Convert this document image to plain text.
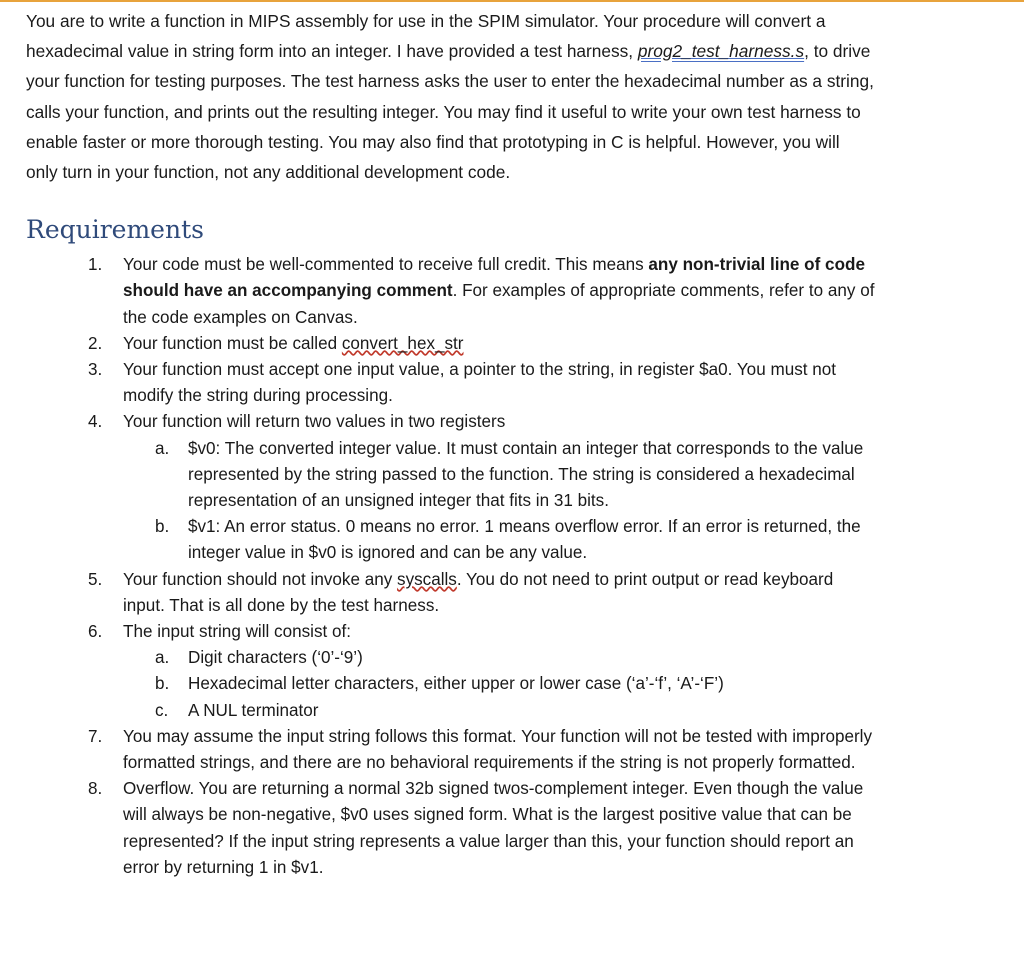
You are to write a function in MIPS assembly for use in the SPIM simulator. Your procedure will convert a hexadecimal value in string form into an integer. I have provided a test harness, prog2_test_harness.s, to drive your function for testing purposes. The test harness asks the user to enter the hexadecimal number as a string, calls your function, and prints out the resulting integer. You may find it useful to write your own test harness to enable faster or more thorough testing. You may also find that prototyping in C is helpful. However, you will only turn in your function, not any additional development code.

Requirements
1.	Your code must be well-commented to receive full credit. This means any non-trivial line of code should have an accompanying comment. For examples of appropriate comments, refer to any of the code examples on Canvas.
2.	Your function must be called convert_hex_str
3.	Your function must accept one input value, a pointer to the string, in register $a0. You must not modify the string during processing.
4.	Your function will return two values in two registers
a.	$v0: The converted integer value. It must contain an integer that corresponds to the value represented by the string passed to the function. The string is considered a hexadecimal representation of an unsigned integer that fits in 31 bits.
b.	$v1: An error status. 0 means no error. 1 means overflow error. If an error is returned, the integer value in $v0 is ignored and can be any value.
5.	Your function should not invoke any syscalls. You do not need to print output or read keyboard input. That is all done by the test harness.
6.	The input string will consist of:
a.	Digit characters (‘0’-‘9’)
b.	Hexadecimal letter characters, either upper or lower case (‘a’-‘f’, ‘A’-‘F’)
c.	A NUL terminator
7.	You may assume the input string follows this format. Your function will not be tested with improperly formatted strings, and there are no behavioral requirements if the string is not properly formatted.
8.	Overflow. You are returning a normal 32b signed twos-complement integer. Even though the value will always be non-negative, $v0 uses signed form. What is the largest positive value that can be represented? If the input string represents a value larger than this, your function should report an error by returning 1 in $v1.
